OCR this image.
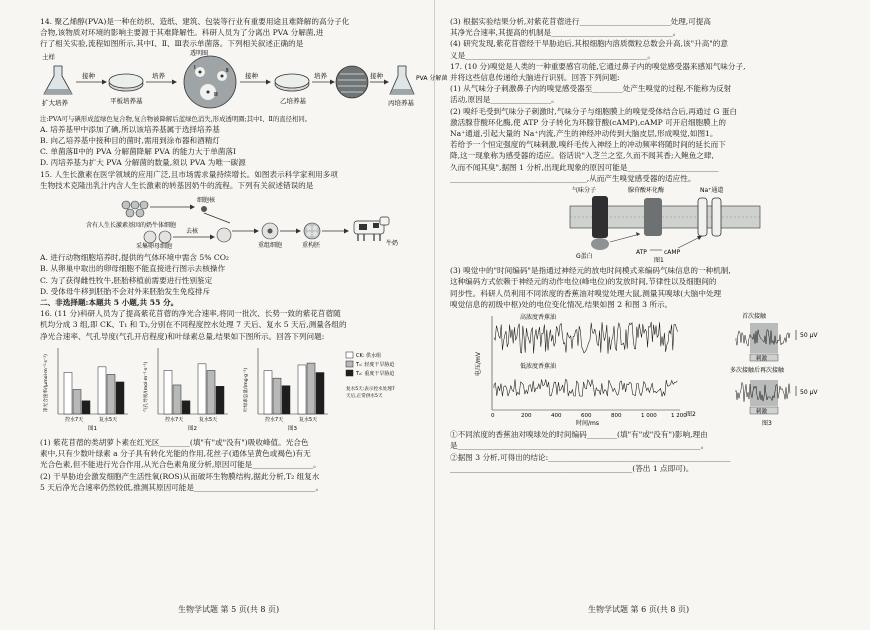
14. 聚乙烯醇(PVA)是一种在纺织、造纸、建筑、包装等行业有重要用途且难降解的高分子化

合物,该物质对环境的影响主要源于其难降解性。科研人员为了分离出 PVA 分解菌,进

行了相关实验,流程如图所示,其中Ⅰ、Ⅱ、Ⅲ表示单菌落。下列相关叙述正确的是

土样
扩大培养
接种
平板培养基
培养
Ⅰ	Ⅱ
Ⅲ
透明圈
接种
乙培养基
培养	接种
丙培养基
PVA 分解菌

注:PVA可与碘形成蓝绿色复合物,复合物被降解后蓝绿色消失,形成透明圈;其中Ⅰ、Ⅱ的直径相同。

A. 培养基甲中添加了碘,所以该培养基属于选择培养基

B. 向乙培养基中接种目的菌时,需用到涂布器和酒精灯

C. 单菌落Ⅱ中的 PVA 分解菌降解 PVA 的能力大于单菌落Ⅰ

D. 丙培养基为扩大 PVA 分解菌的数量,须以 PVA 为唯一碳源

15. 人生长激素在医学领域的应用广泛,且市场需求量持续增长。如图表示科学家利用多项

生物技术克隆出乳汁内含人生长激素的转基因奶牛的流程。下列有关叙述错误的是

含有人生长激素基因的奶牛体细胞
细胞核
采集卵母细胞
去核
重组细胞	重构胚	牛奶

A. 进行动物细胞培养时,提供的气体环境中需含 5% CO₂

B. 从卵巢中取出的卵母细胞不能直接进行图示去核操作

C. 为了获得雌性牧牛,胚胎移植前需要进行性别鉴定

D. 受体母牛移到胚胎不会对外来胚胎发生免疫排斥

二、非选择题:本题共 5 小题,共 55 分。

16. (11 分)科研人员为了提高紫花苜蓿的净光合速率,将同一批次、长势一致的紫花苜蓿随

机均分成 3 组,即 CK、T₁ 和 T₂,分别在不同程度控水处理 7 天后、复水 5 天后,测量各组的

净光合速率、气孔导度(气孔开启程度)和叶绿素总量,结果如下图所示。回答下列问题:

净光合速率/(μmol·m⁻²·s⁻¹)
控水7天	复水5天
图1
气孔导度/(mol·m⁻²·s⁻¹)
控水7天	复水5天
图2
叶绿素总量/(mg·g⁻¹)
控水7天	复水5天
图3
CK: 供水组
T₁: 轻度干旱胁迫
T₂: 重度干旱胁迫
复水5天:表示控水处理7
天后,正常供水5天

(1) 紫花苜蓿的类胡萝卜素在红光区________(填"有"或"没有")吸收峰值。光合色

素中,只有少数叶绿素 a 分子具有转化光能的作用,花丝子(通体呈黄色或褐色)有无

光合色素,但不能进行光合作用,从光合色素角度分析,原因可能是________________。

(2) 干旱胁迫会激发细胞产生活性氧(ROS)从而破坏生物膜结构,据此分析,T₂ 组复水

5 天后净光合速率仍然较低,推测其原因可能是________________________________。

(3) 根据实验结果分析,对紫花苜蓿进行________________________处理,可提高

其净光合速率,其提高的机制是________________________________。

(4) 研究发现,紫花苜蓿经干旱胁迫后,其根细胞内溶质微粒总数会升高,该"升高"的意

义是________________________________________________。

17. (10 分)嗅觉是人类的一种重要感官功能,它通过鼻子内的嗅觉感受器来感知气味分子,

并将这些信息传递给大脑进行识别。回答下列问题:

(1) 从气味分子刺激鼻子内的嗅觉感受器至________处产生嗅觉的过程,不能称为反射

活动,原因是________________。

(2) 嗅纤毛受到气味分子刺激时,气味分子与细胞膜上的嗅觉受体结合后,再通过 G 蛋白

激活腺苷酸环化酶,使 ATP 分子转化为环腺苷酸(cAMP),cAMP 可开启细胞膜上的

Na⁺通道,引起大量的 Na⁺内流,产生的神经冲动传到大脑皮层,形成嗅觉,如图1。

若给予一个恒定强度的气味刺激,嗅纤毛传入神经上的冲动频率将随时间的延长而下

降,这一现象称为感受器的适应。俗话说"入芝兰之室,久而不闻其香;入鲍鱼之肆,

久而不闻其臭",据图 1 分析,出现此现象的原因可能是________________________

____________________________________,从而产生嗅觉感受器的适应性。

气味分子
G蛋白
腺苷酸环化酶
ATP	cAMP
Na⁺通道
图1

(3) 嗅觉中的"时间编码"是指通过神经元的放电时间模式来编码气味信息的一种机制,

这种编码方式依赖于神经元的动作电位(峰电位)的发放时间,节律性以及细胞间的

同步性。科研人员利用不同浓度的香蕉油对嗅觉处理大鼠,测量其嗅球(大脑中处理

嗅觉信息的初级中枢)处的电位变化情况,结果如图 2 和图 3 所示。

电压/mV
高浓度香蕉油
低浓度香蕉油
0	200	400	600	800	1 000	1 200
时间/ms
图2
首次接触
50 μV
刺激
多次接触后再次接触
50 μV
刺激
图3

①不同浓度的香蕉油对嗅球处的时间编码________(填"有"或"没有")影响,理由

是________________________________________________________________。

②据图 3 分析,可得出的结论:________________________________________________

________________________________________________(答出 1 点即可)。

生物学试题 第 5 页(共 8 页)	生物学试题 第 6 页(共 8 页)
